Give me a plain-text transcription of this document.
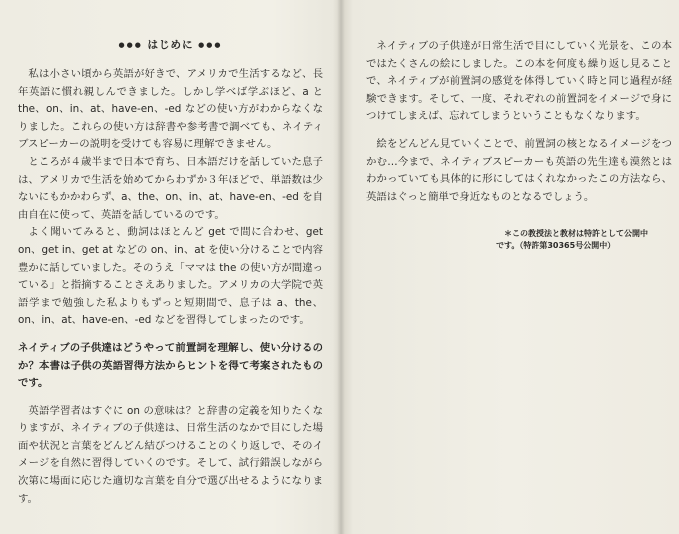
●●● はじめに ●●●

私は小さい頃から英語が好きで、アメリカで生活するなど、長年英語に慣れ親しんできました。しかし学べば学ぶほど、a と the、on、in、at、have-en、-ed などの使い方がわからなくなりました。これらの使い方は辞書や参考書で調べても、ネイティブスピーカーの説明を受けても容易に理解できません。

ところが４歳半まで日本で育ち、日本語だけを話していた息子は、アメリカで生活を始めてからわずか３年ほどで、単語数は少ないにもかかわらず、a、the、on、in、at、have-en、-ed を自由自在に使って、英語を話しているのです。

よく聞いてみると、動詞はほとんど get で間に合わせ、get on、get in、get at などの on、in、at を使い分けることで内容豊かに話していました。そのうえ「ママは the の使い方が間違っている」と指摘することさえありました。アメリカの大学院で英語学まで勉強した私よりもずっと短期間で、息子は a、the、on、in、at、have-en、-ed などを習得してしまったのです。

ネイティブの子供達はどうやって前置詞を理解し、使い分けるのか？本書は子供の英語習得方法からヒントを得て考案されたものです。

英語学習者はすぐに on の意味は？と辞書の定義を知りたくなりますが、ネイティブの子供達は、日常生活のなかで目にした場面や状況と言葉をどんどん結びつけることのくり返しで、そのイメージを自然に習得していくのです。そして、試行錯誤しながら次第に場面に応じた適切な言葉を自分で選び出せるようになります。

ネイティブの子供達が日常生活で目にしていく光景を、この本ではたくさんの絵にしました。この本を何度も繰り返し見ることで、ネイティブが前置詞の感覚を体得していく時と同じ過程が経験できます。そして、一度、それぞれの前置詞をイメージで身につけてしまえば、忘れてしまうということもなくなります。

絵をどんどん見ていくことで、前置詞の核となるイメージをつかむ…今まで、ネイティブスピーカーも英語の先生達も漠然とはわかっていても具体的に形にしてはくれなかったこの方法なら、英語はぐっと簡単で身近なものとなるでしょう。

＊この教授法と教材は特許として公開中
です。（特許第30365号公開中）
